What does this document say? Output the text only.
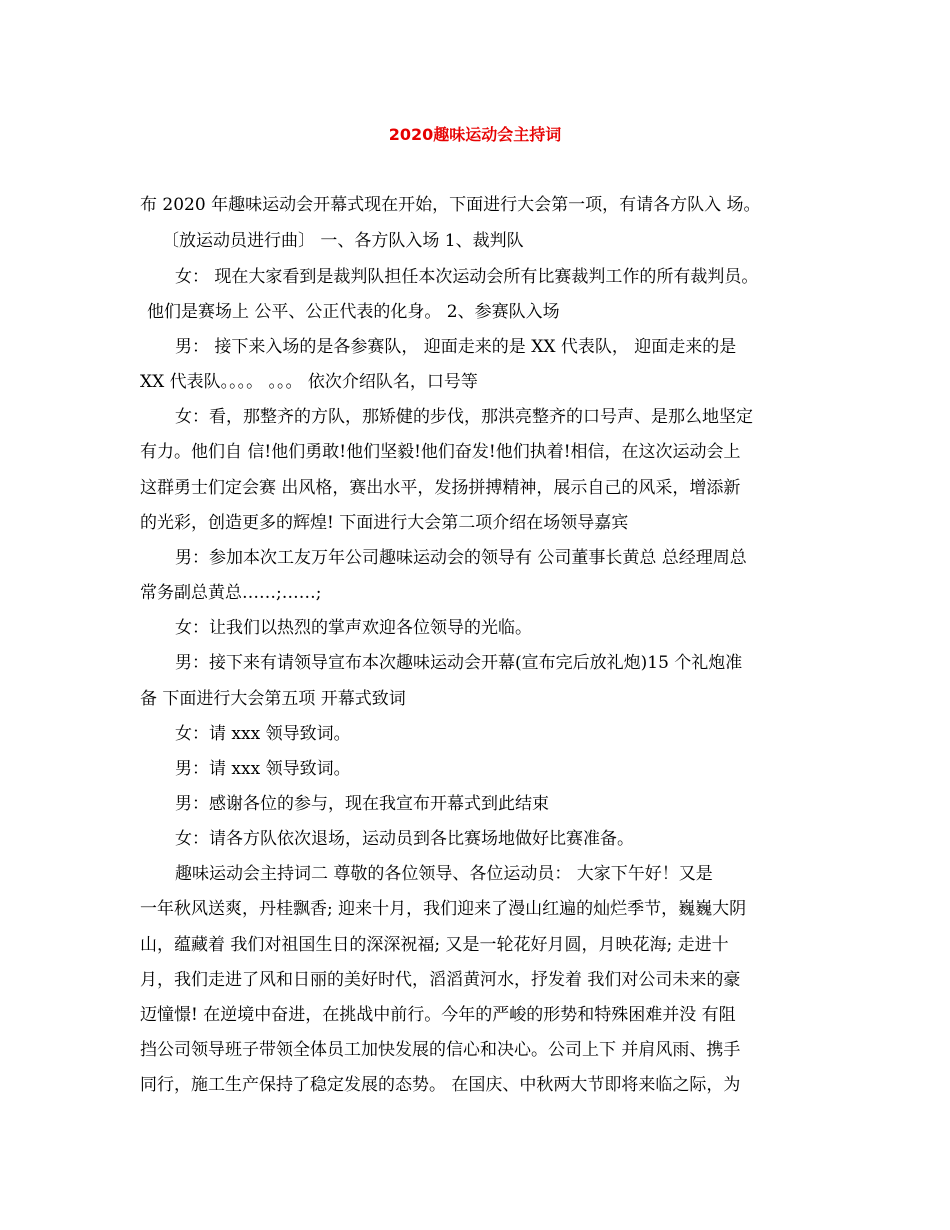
2020趣味运动会主持词

布 2020 年趣味运动会开幕式现在开始，下面进行大会第一项，有请各方队入 场。

〔放运动员进行曲〕 一、各方队入场 1、裁判队

女： 现在大家看到是裁判队担任本次运动会所有比赛裁判工作的所有裁判员。

他们是赛场上 公平、公正代表的化身。 2、参赛队入场

男： 接下来入场的是各参赛队， 迎面走来的是 XX 代表队， 迎面走来的是

XX 代表队。。。。 。。。 依次介绍队名，口号等

女：看，那整齐的方队，那矫健的步伐，那洪亮整齐的口号声、是那么地坚定

有力。他们自 信!他们勇敢!他们坚毅!他们奋发!他们执着!相信，在这次运动会上

这群勇士们定会赛 出风格，赛出水平，发扬拼搏精神，展示自己的风采，增添新

的光彩，创造更多的辉煌! 下面进行大会第二项介绍在场领导嘉宾

男：参加本次工友万年公司趣味运动会的领导有 公司董事长黄总 总经理周总

常务副总黄总……;……;

女：让我们以热烈的掌声欢迎各位领导的光临。

男：接下来有请领导宣布本次趣味运动会开幕(宣布完后放礼炮)15 个礼炮准

备 下面进行大会第五项 开幕式致词

女：请 xxx 领导致词。

男：请 xxx 领导致词。

男：感谢各位的参与，现在我宣布开幕式到此结束

女：请各方队依次退场，运动员到各比赛场地做好比赛准备。

趣味运动会主持词二 尊敬的各位领导、各位运动员： 大家下午好！又是

一年秋风送爽，丹桂飘香; 迎来十月，我们迎来了漫山红遍的灿烂季节，巍巍大阴

山，蕴藏着 我们对祖国生日的深深祝福; 又是一轮花好月圆，月映花海; 走进十

月，我们走进了风和日丽的美好时代，滔滔黄河水，抒发着 我们对公司未来的豪

迈憧憬! 在逆境中奋进，在挑战中前行。今年的严峻的形势和特殊困难并没 有阻

挡公司领导班子带领全体员工加快发展的信心和决心。公司上下 并肩风雨、携手

同行，施工生产保持了稳定发展的态势。 在国庆、中秋两大节即将来临之际，为
